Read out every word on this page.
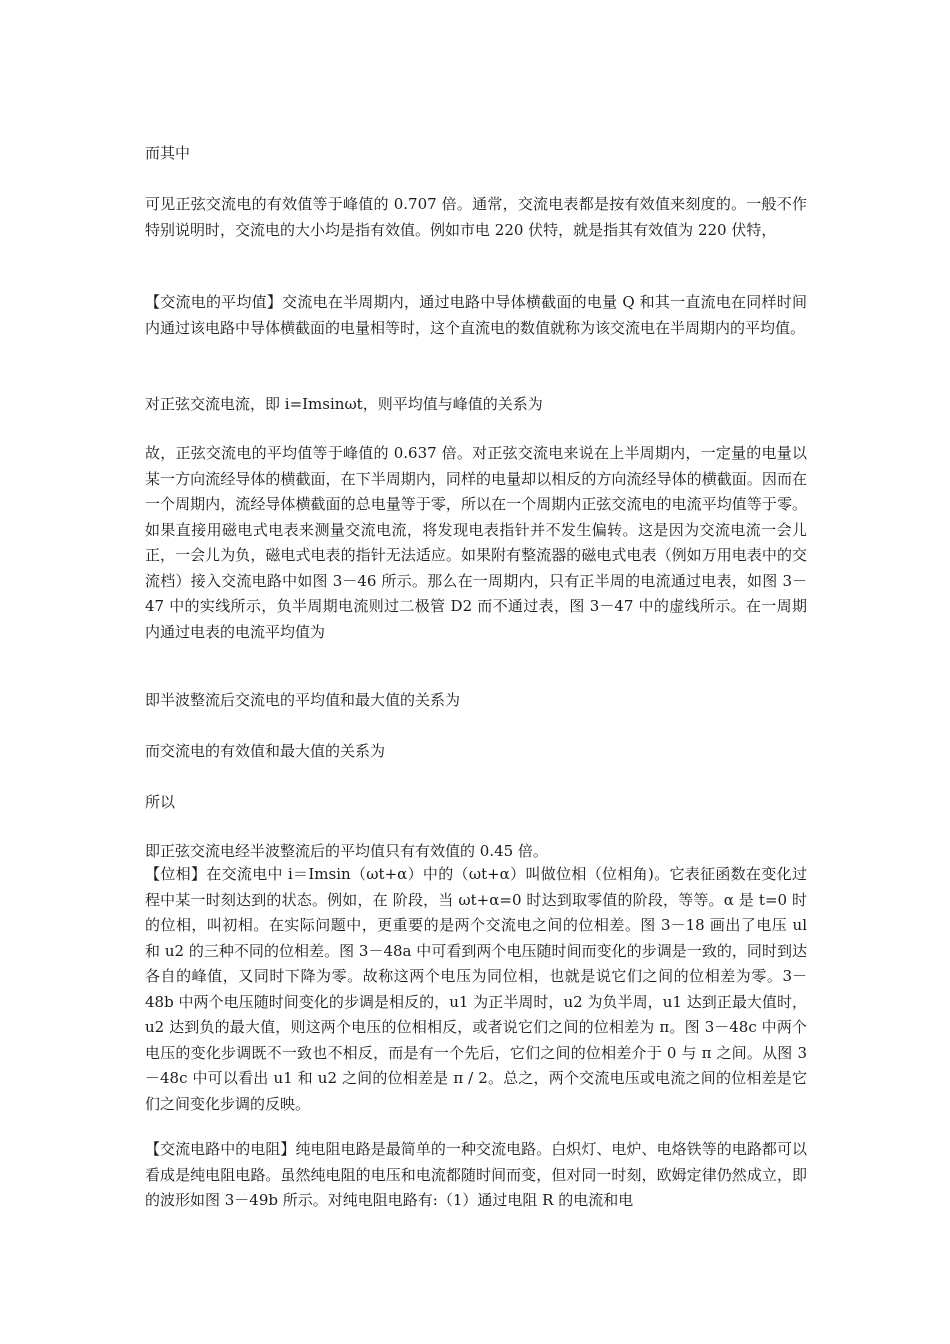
而其中

可见正弦交流电的有效值等于峰值的 0.707 倍。通常，交流电表都是按有效值来刻度的。一般不作特别说明时，交流电的大小均是指有效值。例如市电 220 伏特，就是指其有效值为 220 伏特，

【交流电的平均值】交流电在半周期内，通过电路中导体横截面的电量 Q 和其一直流电在同样时间内通过该电路中导体横截面的电量相等时，这个直流电的数值就称为该交流电在半周期内的平均值。

对正弦交流电流，即 i=Imsinωt，则平均值与峰值的关系为

故，正弦交流电的平均值等于峰值的 0.637 倍。对正弦交流电来说在上半周期内，一定量的电量以某一方向流经导体的横截面，在下半周期内，同样的电量却以相反的方向流经导体的横截面。因而在一个周期内，流经导体横截面的总电量等于零，所以在一个周期内正弦交流电的电流平均值等于零。如果直接用磁电式电表来测量交流电流，将发现电表指针并不发生偏转。这是因为交流电流一会儿正，一会儿为负，磁电式电表的指针无法适应。如果附有整流器的磁电式电表（例如万用电表中的交流档）接入交流电路中如图 3－46 所示。那么在一周期内，只有正半周的电流通过电表，如图 3－47 中的实线所示，负半周期电流则过二极管 D2 而不通过表，图 3－47 中的虚线所示。在一周期内通过电表的电流平均值为

即半波整流后交流电的平均值和最大值的关系为

而交流电的有效值和最大值的关系为

所以

即正弦交流电经半波整流后的平均值只有有效值的 0.45 倍。

【位相】在交流电中 i＝Imsin（ωt+α）中的（ωt+α）叫做位相（位相角)。它表征函数在变化过程中某一时刻达到的状态。例如，在 阶段，当 ωt+α=0 时达到取零值的阶段，等等。α 是 t=0 时的位相，叫初相。在实际问题中，更重要的是两个交流电之间的位相差。图 3－18 画出了电压 ul 和 u2 的三种不同的位相差。图 3－48a 中可看到两个电压随时间而变化的步调是一致的，同时到达各自的峰值，又同时下降为零。故称这两个电压为同位相，也就是说它们之间的位相差为零。3－48b 中两个电压随时间变化的步调是相反的，u1 为正半周时，u2 为负半周，u1 达到正最大值时，u2 达到负的最大值，则这两个电压的位相相反，或者说它们之间的位相差为 π。图 3－48c 中两个电压的变化步调既不一致也不相反，而是有一个先后，它们之间的位相差介于 0 与 π 之间。从图 3－48c 中可以看出 u1 和 u2 之间的位相差是 π / 2。总之，两个交流电压或电流之间的位相差是它们之间变化步调的反映。

【交流电路中的电阻】纯电阻电路是最简单的一种交流电路。白炽灯、电炉、电烙铁等的电路都可以看成是纯电阻电路。虽然纯电阻的电压和电流都随时间而变，但对同一时刻，欧姆定律仍然成立，即的波形如图 3－49b 所示。对纯电阻电路有:（1）通过电阻 R 的电流和电
